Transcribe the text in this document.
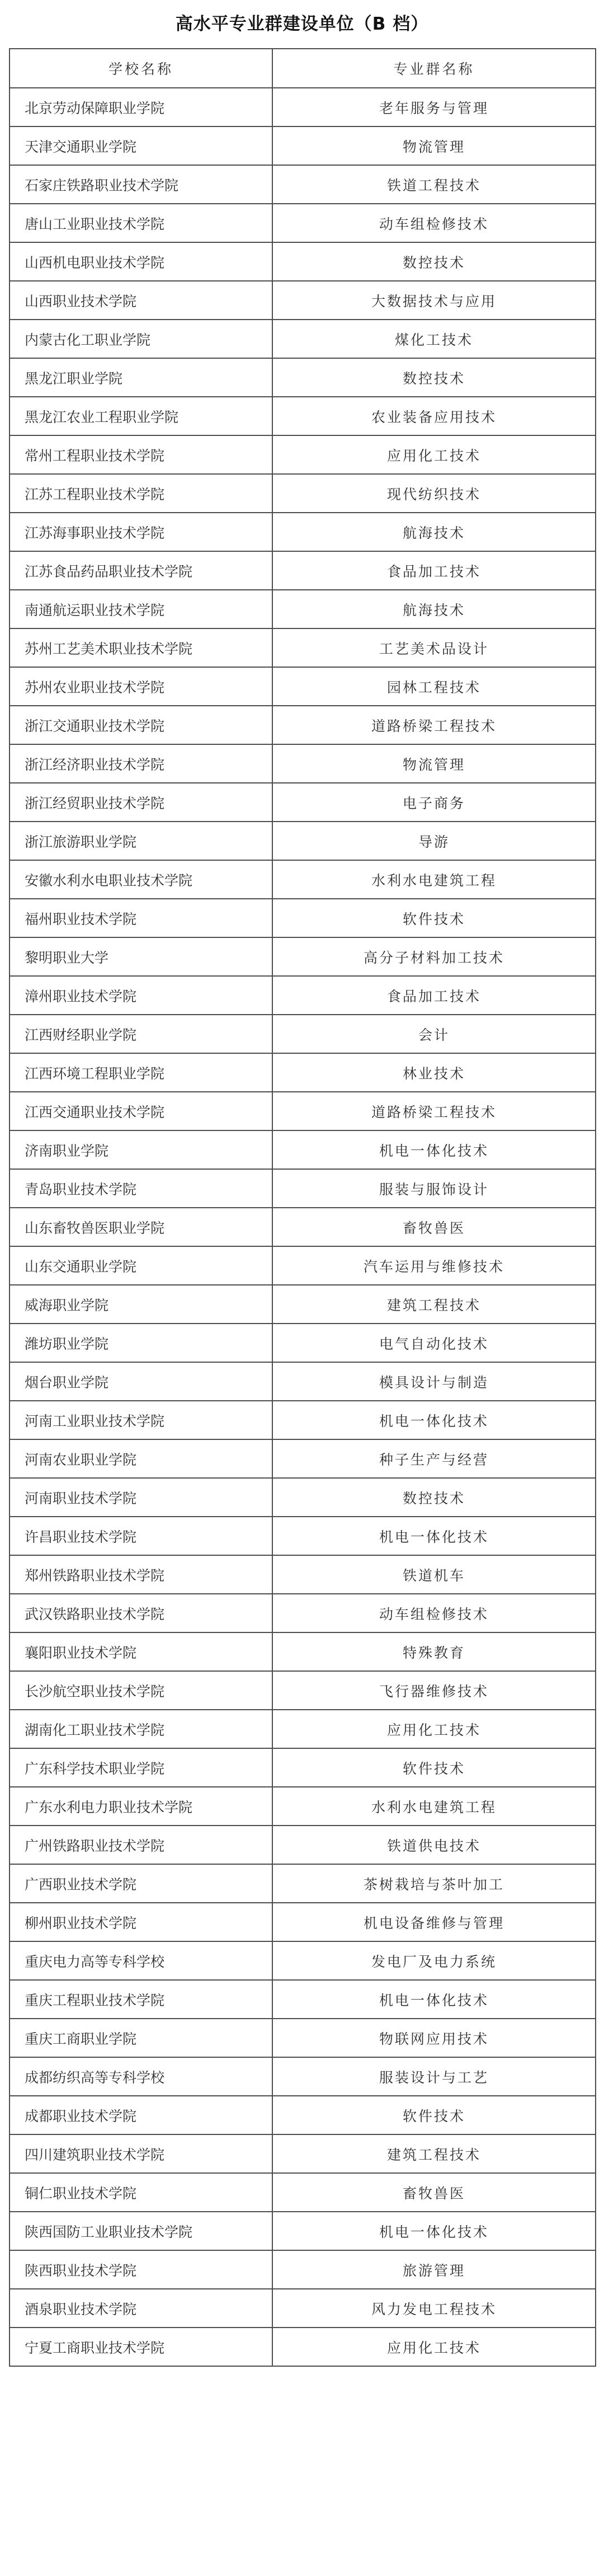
高水平专业群建设单位（B 档）
学校名称	专业群名称
北京劳动保障职业学院	老年服务与管理
天津交通职业学院	物流管理
石家庄铁路职业技术学院	铁道工程技术
唐山工业职业技术学院	动车组检修技术
山西机电职业技术学院	数控技术
山西职业技术学院	大数据技术与应用
内蒙古化工职业学院	煤化工技术
黑龙江职业学院	数控技术
黑龙江农业工程职业学院	农业装备应用技术
常州工程职业技术学院	应用化工技术
江苏工程职业技术学院	现代纺织技术
江苏海事职业技术学院	航海技术
江苏食品药品职业技术学院	食品加工技术
南通航运职业技术学院	航海技术
苏州工艺美术职业技术学院	工艺美术品设计
苏州农业职业技术学院	园林工程技术
浙江交通职业技术学院	道路桥梁工程技术
浙江经济职业技术学院	物流管理
浙江经贸职业技术学院	电子商务
浙江旅游职业学院	导游
安徽水利水电职业技术学院	水利水电建筑工程
福州职业技术学院	软件技术
黎明职业大学	高分子材料加工技术
漳州职业技术学院	食品加工技术
江西财经职业学院	会计
江西环境工程职业学院	林业技术
江西交通职业技术学院	道路桥梁工程技术
济南职业学院	机电一体化技术
青岛职业技术学院	服装与服饰设计
山东畜牧兽医职业学院	畜牧兽医
山东交通职业学院	汽车运用与维修技术
威海职业学院	建筑工程技术
潍坊职业学院	电气自动化技术
烟台职业学院	模具设计与制造
河南工业职业技术学院	机电一体化技术
河南农业职业学院	种子生产与经营
河南职业技术学院	数控技术
许昌职业技术学院	机电一体化技术
郑州铁路职业技术学院	铁道机车
武汉铁路职业技术学院	动车组检修技术
襄阳职业技术学院	特殊教育
长沙航空职业技术学院	飞行器维修技术
湖南化工职业技术学院	应用化工技术
广东科学技术职业学院	软件技术
广东水利电力职业技术学院	水利水电建筑工程
广州铁路职业技术学院	铁道供电技术
广西职业技术学院	茶树栽培与茶叶加工
柳州职业技术学院	机电设备维修与管理
重庆电力高等专科学校	发电厂及电力系统
重庆工程职业技术学院	机电一体化技术
重庆工商职业学院	物联网应用技术
成都纺织高等专科学校	服装设计与工艺
成都职业技术学院	软件技术
四川建筑职业技术学院	建筑工程技术
铜仁职业技术学院	畜牧兽医
陕西国防工业职业技术学院	机电一体化技术
陕西职业技术学院	旅游管理
酒泉职业技术学院	风力发电工程技术
宁夏工商职业技术学院	应用化工技术
